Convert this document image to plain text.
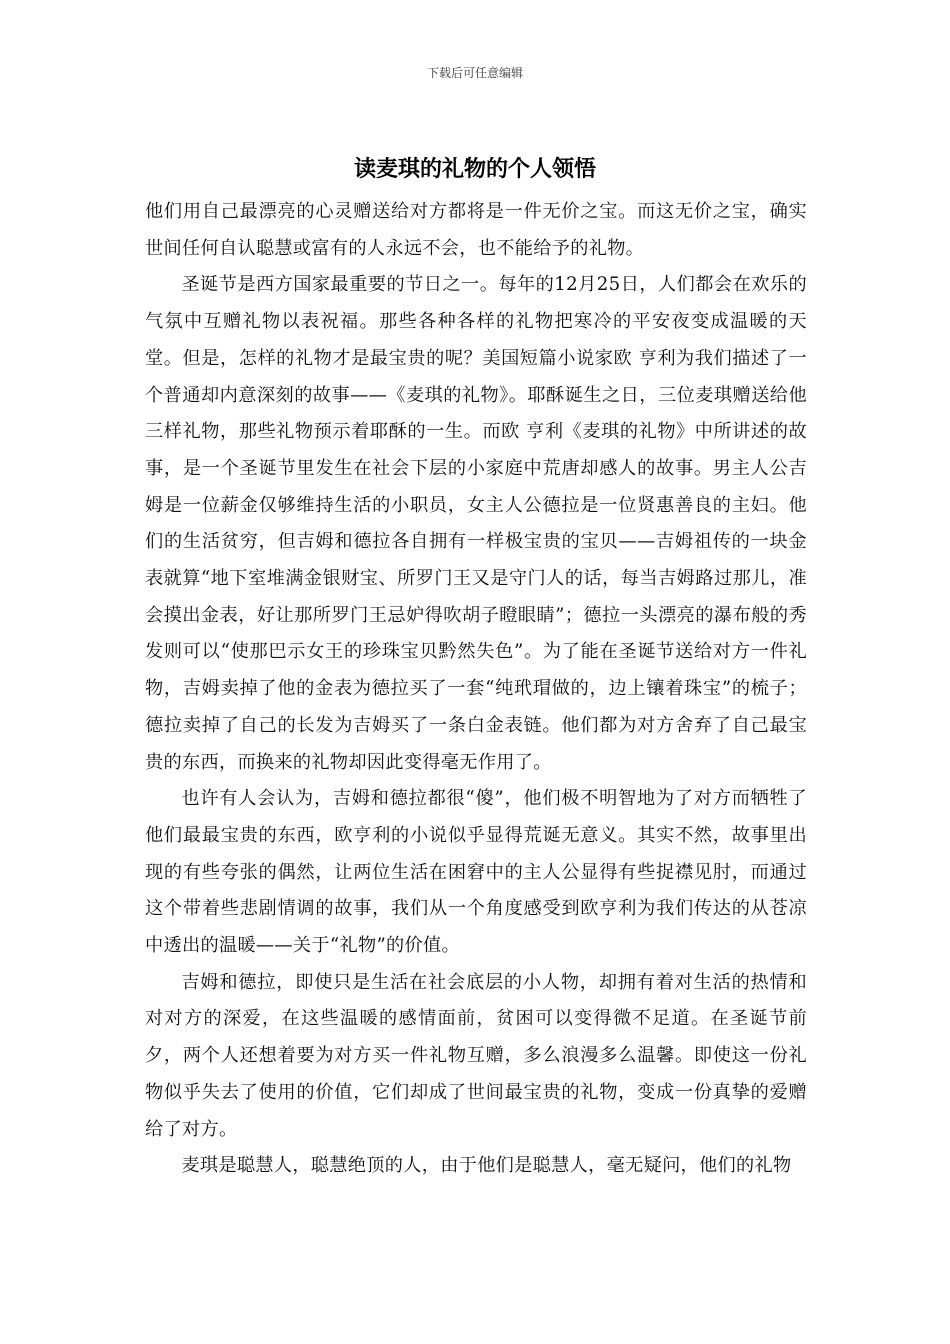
下载后可任意编辑
读麦琪的礼物的个人领悟

他们用自己最漂亮的心灵赠送给对方都将是一件无价之宝。而这无价之宝，确实世间任何自认聪慧或富有的人永远不会，也不能给予的礼物。

圣诞节是西方国家最重要的节日之一。每年的12月25日，人们都会在欢乐的气氛中互赠礼物以表祝福。那些各种各样的礼物把寒冷的平安夜变成温暖的天堂。但是，怎样的礼物才是最宝贵的呢？美国短篇小说家欧 亨利为我们描述了一个普通却内意深刻的故事——《麦琪的礼物》。耶酥诞生之日，三位麦琪赠送给他三样礼物，那些礼物预示着耶酥的一生。而欧 亨利《麦琪的礼物》中所讲述的故事，是一个圣诞节里发生在社会下层的小家庭中荒唐却感人的故事。男主人公吉姆是一位薪金仅够维持生活的小职员，女主人公德拉是一位贤惠善良的主妇。他们的生活贫穷，但吉姆和德拉各自拥有一样极宝贵的宝贝——吉姆祖传的一块金表就算“地下室堆满金银财宝、所罗门王又是守门人的话，每当吉姆路过那儿，准会摸出金表，好让那所罗门王忌妒得吹胡子瞪眼睛”；德拉一头漂亮的瀑布般的秀发则可以“使那巴示女王的珍珠宝贝黔然失色”。为了能在圣诞节送给对方一件礼物，吉姆卖掉了他的金表为德拉买了一套“纯玳瑁做的，边上镶着珠宝”的梳子；德拉卖掉了自己的长发为吉姆买了一条白金表链。他们都为对方舍弃了自己最宝贵的东西，而换来的礼物却因此变得毫无作用了。

也许有人会认为，吉姆和德拉都很“傻”，他们极不明智地为了对方而牺牲了他们最最宝贵的东西，欧亨利的小说似乎显得荒诞无意义。其实不然，故事里出现的有些夸张的偶然，让两位生活在困窘中的主人公显得有些捉襟见肘，而通过这个带着些悲剧情调的故事，我们从一个角度感受到欧亨利为我们传达的从苍凉中透出的温暖——关于“礼物”的价值。

吉姆和德拉，即使只是生活在社会底层的小人物，却拥有着对生活的热情和对对方的深爱，在这些温暖的感情面前，贫困可以变得微不足道。在圣诞节前夕，两个人还想着要为对方买一件礼物互赠，多么浪漫多么温馨。即使这一份礼物似乎失去了使用的价值，它们却成了世间最宝贵的礼物，变成一份真挚的爱赠给了对方。

麦琪是聪慧人，聪慧绝顶的人，由于他们是聪慧人，毫无疑问，他们的礼物
